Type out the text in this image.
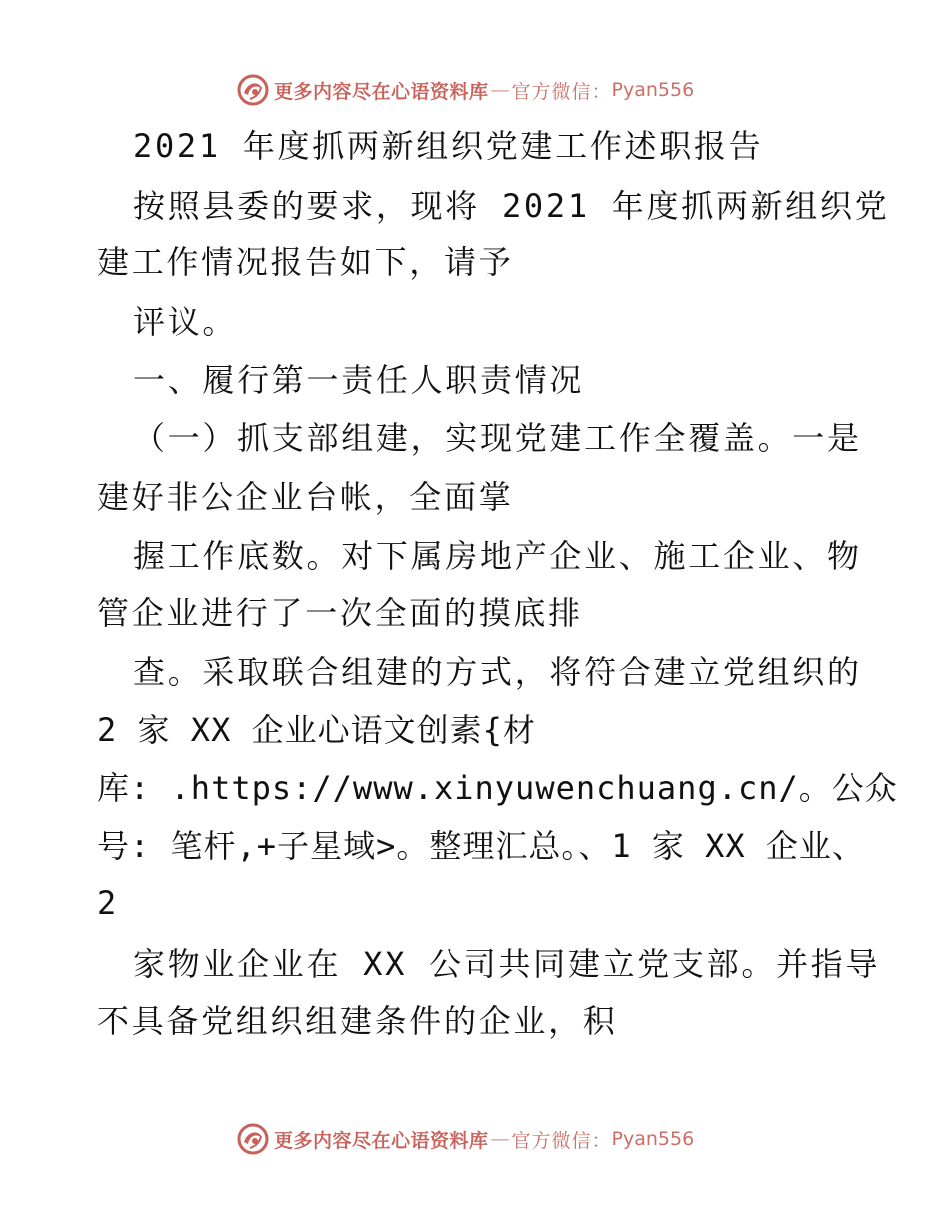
更多内容尽在心语资料库 — 官方微信： Pyan556

2021 年度抓两新组织党建工作述职报告

按照县委的要求，现将 2021 年度抓两新组织党

建工作情况报告如下，请予

评议。

一、履行第一责任人职责情况

（一）抓支部组建，实现党建工作全覆盖。一是

建好非公企业台帐，全面掌

握工作底数。对下属房地产企业、施工企业、物

管企业进行了一次全面的摸底排

查。采取联合组建的方式，将符合建立党组织的

2 家 XX 企业心语文创素{材

库: .https://www.xinyuwenchuang.cn/。公众

号: 笔杆,+子星域>。整理汇总。、1 家 XX 企业、

2

家物业企业在 XX 公司共同建立党支部。并指导

不具备党组织组建条件的企业，积

更多内容尽在心语资料库 — 官方微信： Pyan556
